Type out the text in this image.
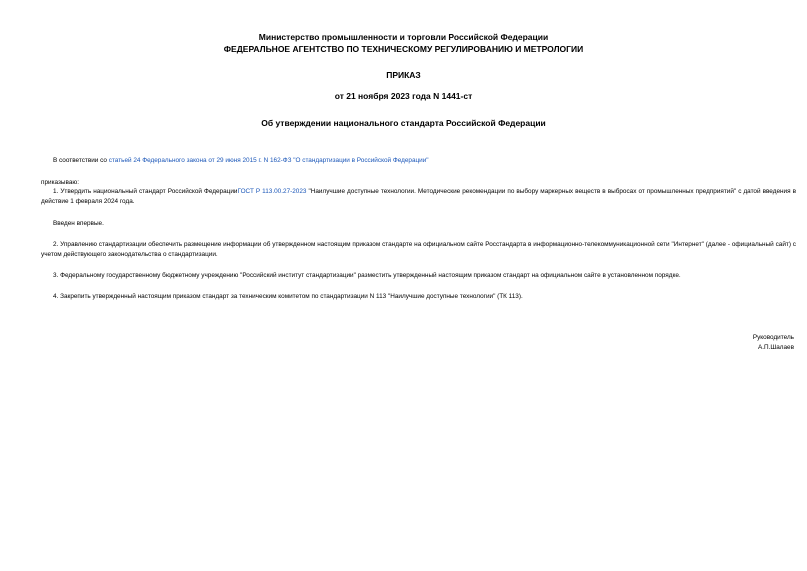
Министерство промышленности и торговли Российской Федерации
ФЕДЕРАЛЬНОЕ АГЕНТСТВО ПО ТЕХНИЧЕСКОМУ РЕГУЛИРОВАНИЮ И МЕТРОЛОГИИ
ПРИКАЗ
от 21 ноября 2023 года N 1441-ст
Об утверждении национального стандарта Российской Федерации
В соответствии со статьей 24 Федерального закона от 29 июня 2015 г. N 162-ФЗ "О стандартизации в Российской Федерации"
приказываю:
1. Утвердить национальный стандарт Российской ФедерацииГОСТ Р 113.00.27-2023 "Наилучшие доступные технологии. Методические рекомендации по выбору маркерных веществ в выбросах от промышленных предприятий" с датой введения в действие 1 февраля 2024 года.
Введен впервые.
2. Управлению стандартизации обеспечить размещение информации об утвержденном настоящим приказом стандарте на официальном сайте Росстандарта в информационно-телекоммуникационной сети "Интернет" (далее - официальный сайт) с учетом действующего законодательства о стандартизации.
3. Федеральному государственному бюджетному учреждению "Российский институт стандартизации" разместить утвержденный настоящим приказом стандарт на официальном сайте в установленном порядке.
4. Закрепить утвержденный настоящим приказом стандарт за техническим комитетом по стандартизации N 113 "Наилучшие доступные технологии" (ТК 113).
Руководитель
А.П.Шалаев
